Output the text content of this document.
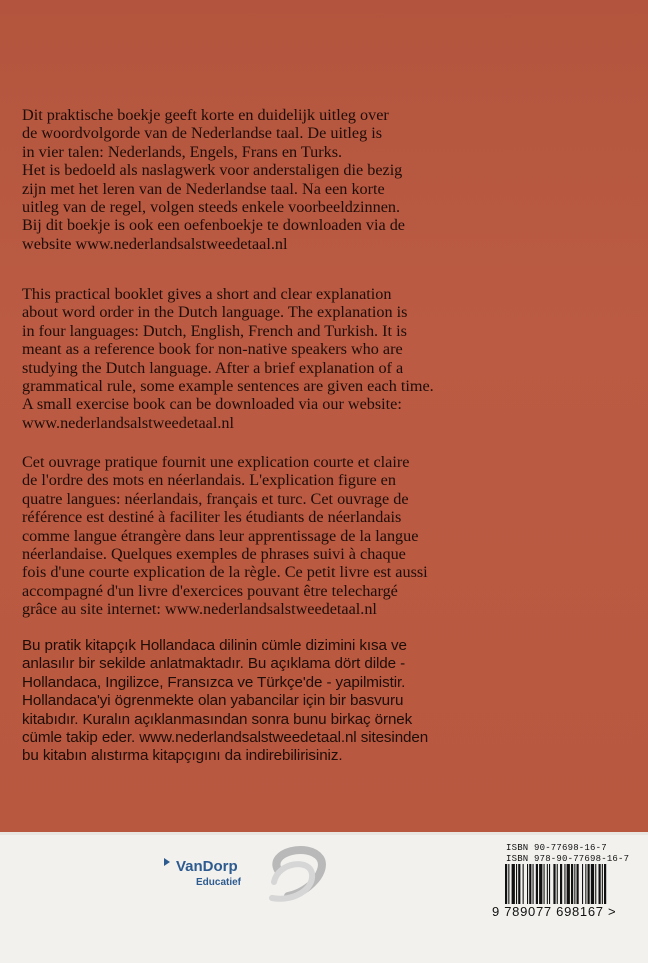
Dit praktische boekje geeft korte en duidelijk uitleg over
de woordvolgorde van de Nederlandse taal. De uitleg is
in vier talen: Nederlands, Engels, Frans en Turks.
Het is bedoeld als naslagwerk voor anderstaligen die bezig
zijn met het leren van de Nederlandse taal. Na een korte
uitleg van de regel, volgen steeds enkele voorbeeldzinnen.
Bij dit boekje is ook een oefenboekje te downloaden via de
website www.nederlandsalstweedetaal.nl

This practical booklet gives a short and clear explanation
about word order in the Dutch language. The explanation is
in four languages: Dutch, English, French and Turkish. It is
meant as a reference book for non-native speakers who are
studying the Dutch language. After a brief explanation of a
grammatical rule, some example sentences are given each time.
A small exercise book can be downloaded via our website:
www.nederlandsalstweedetaal.nl

Cet ouvrage pratique fournit une explication courte et claire
de l'ordre des mots en néerlandais. L'explication figure en
quatre langues: néerlandais, français et turc. Cet ouvrage de
référence est destiné à faciliter les étudiants de néerlandais
comme langue étrangère dans leur apprentissage de la langue
néerlandaise. Quelques exemples de phrases suivi à chaque
fois d'une courte explication de la règle. Ce petit livre est aussi
accompagné d'un livre d'exercices pouvant être telechargé
grâce au site internet: www.nederlandsalstweedetaal.nl

Bu pratik kitapçık Hollandaca dilinin cümle dizimini kısa ve
anlasılır bir sekilde anlatmaktadır. Bu açıklama dört dilde -
Hollandaca, Ingilizce, Fransızca ve Türkçe'de - yapilmistir.
Hollandaca'yi ögrenmekte olan yabancilar için bir basvuru
kitabıdır. Kuralın açıklanmasından sonra bunu birkaç örnek
cümle takip eder. www.nederlandsalstweedetaal.nl sitesinden
bu kitabın alıstırma kitapçıgını da indirebilirisiniz.

VanDorp
Educatief
ISBN 90-77698-16-7
ISBN 978-90-77698-16-7
9 789077 698167 >
